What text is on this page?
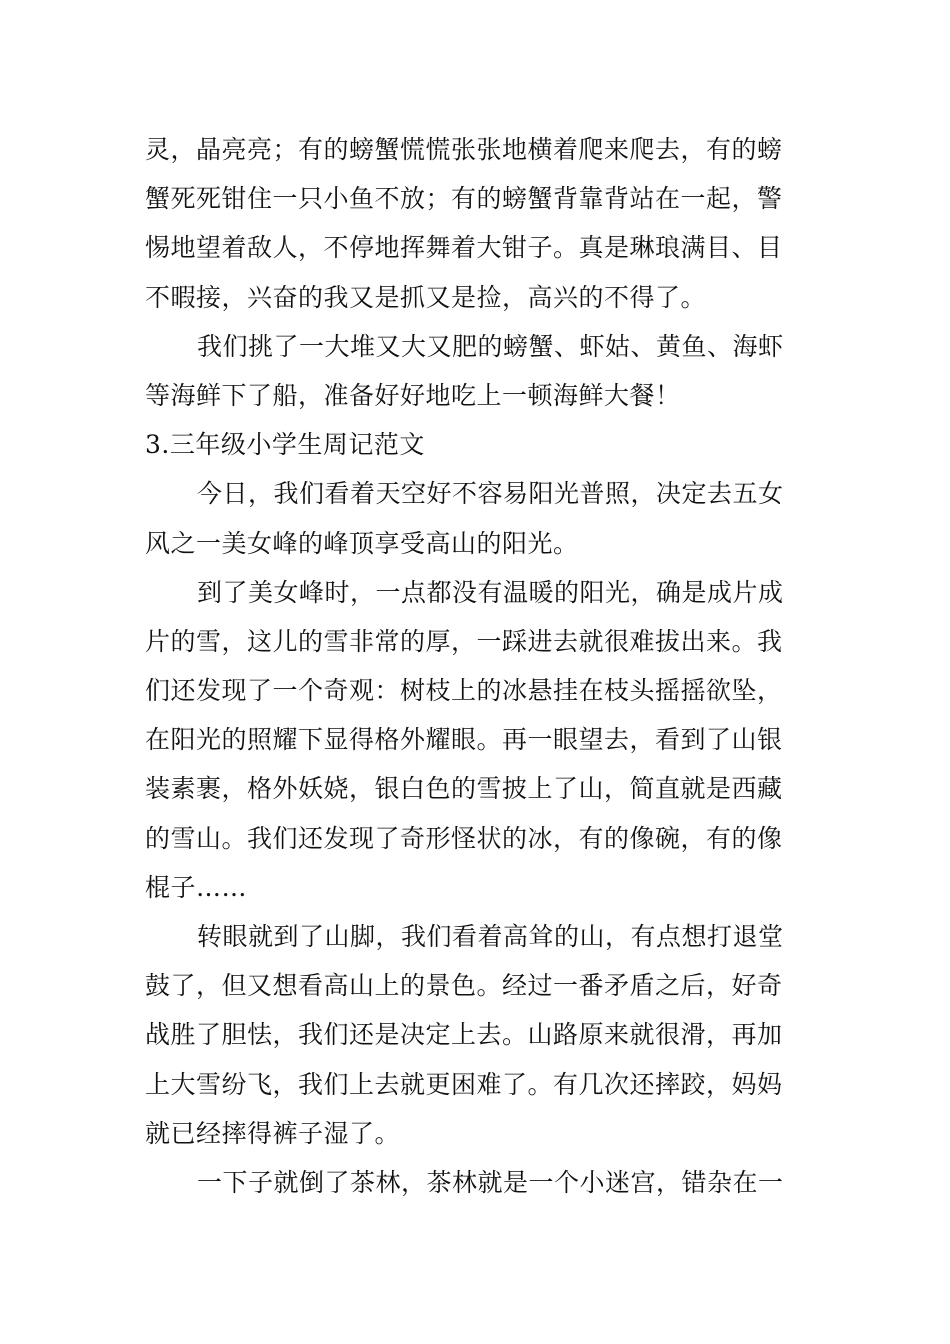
灵，晶亮亮；有的螃蟹慌慌张张地横着爬来爬去，有的螃
蟹死死钳住一只小鱼不放；有的螃蟹背靠背站在一起，警
惕地望着敌人，不停地挥舞着大钳子。真是琳琅满目、目
不暇接，兴奋的我又是抓又是捡，高兴的不得了。
我们挑了一大堆又大又肥的螃蟹、虾姑、黄鱼、海虾
等海鲜下了船，准备好好地吃上一顿海鲜大餐！
3.三年级小学生周记范文
今日，我们看着天空好不容易阳光普照，决定去五女
风之一美女峰的峰顶享受高山的阳光。
到了美女峰时，一点都没有温暖的阳光，确是成片成
片的雪，这儿的雪非常的厚，一踩进去就很难拔出来。我
们还发现了一个奇观：树枝上的冰悬挂在枝头摇摇欲坠，
在阳光的照耀下显得格外耀眼。再一眼望去，看到了山银
装素裹，格外妖娆，银白色的雪披上了山，简直就是西藏
的雪山。我们还发现了奇形怪状的冰，有的像碗，有的像
棍子……
转眼就到了山脚，我们看着高耸的山，有点想打退堂
鼓了，但又想看高山上的景色。经过一番矛盾之后，好奇
战胜了胆怯，我们还是决定上去。山路原来就很滑，再加
上大雪纷飞，我们上去就更困难了。有几次还摔跤，妈妈
就已经摔得裤子湿了。
一下子就倒了茶林，茶林就是一个小迷宫，错杂在一
